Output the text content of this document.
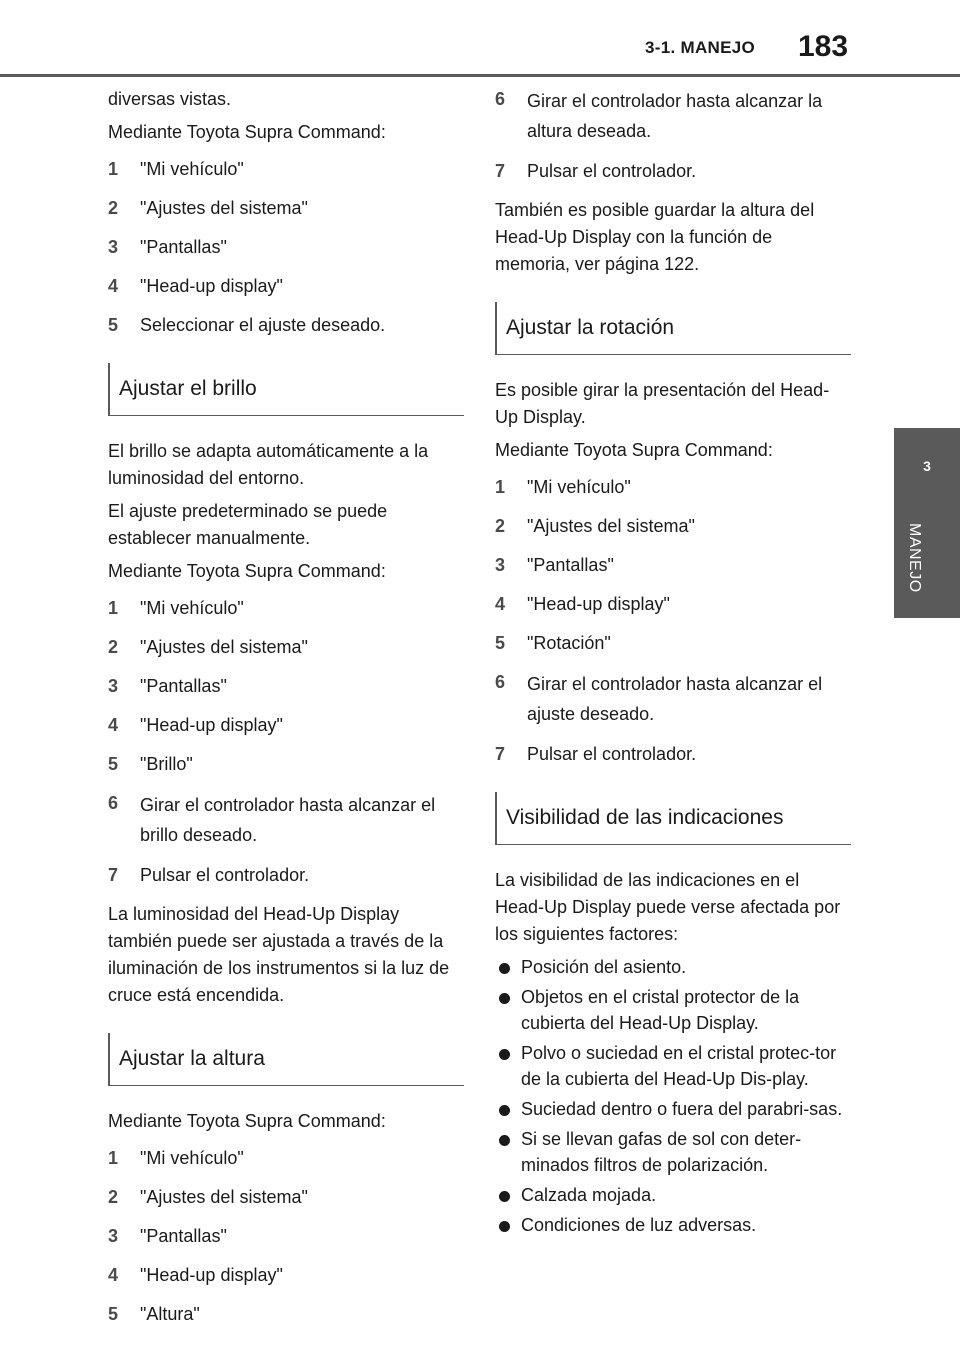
3-1. MANEJO 183
3
MANEJO

diversas vistas.

Mediante Toyota Supra Command:

1 "Mi vehículo"
2 "Ajustes del sistema"
3 "Pantallas"
4 "Head-up display"
5 Seleccionar el ajuste deseado.
Ajustar el brillo

El brillo se adapta automáticamente a la luminosidad del entorno.

El ajuste predeterminado se puede establecer manualmente.

Mediante Toyota Supra Command:

1 "Mi vehículo"
2 "Ajustes del sistema"
3 "Pantallas"
4 "Head-up display"
5 "Brillo"
6 Girar el controlador hasta alcanzar el brillo deseado.
7 Pulsar el controlador.

La luminosidad del Head-Up Display también puede ser ajustada a través de la iluminación de los instrumentos si la luz de cruce está encendida.

Ajustar la altura

Mediante Toyota Supra Command:

1 "Mi vehículo"
2 "Ajustes del sistema"
3 "Pantallas"
4 "Head-up display"
5 "Altura"
6 Girar el controlador hasta alcanzar la altura deseada.
7 Pulsar el controlador.

También es posible guardar la altura del Head-Up Display con la función de memoria, ver página 122.

Ajustar la rotación

Es posible girar la presentación del Head-Up Display.

Mediante Toyota Supra Command:

1 "Mi vehículo"
2 "Ajustes del sistema"
3 "Pantallas"
4 "Head-up display"
5 "Rotación"
6 Girar el controlador hasta alcanzar el ajuste deseado.
7 Pulsar el controlador.
Visibilidad de las indicaciones

La visibilidad de las indicaciones en el Head-Up Display puede verse afectada por los siguientes factores:

Posición del asiento.
Objetos en el cristal protector de la cubierta del Head-Up Display.
Polvo o suciedad en el cristal protec-tor de la cubierta del Head-Up Dis-play.
Suciedad dentro o fuera del parabri-sas.
Si se llevan gafas de sol con deter-minados filtros de polarización.
Calzada mojada.
Condiciones de luz adversas.
